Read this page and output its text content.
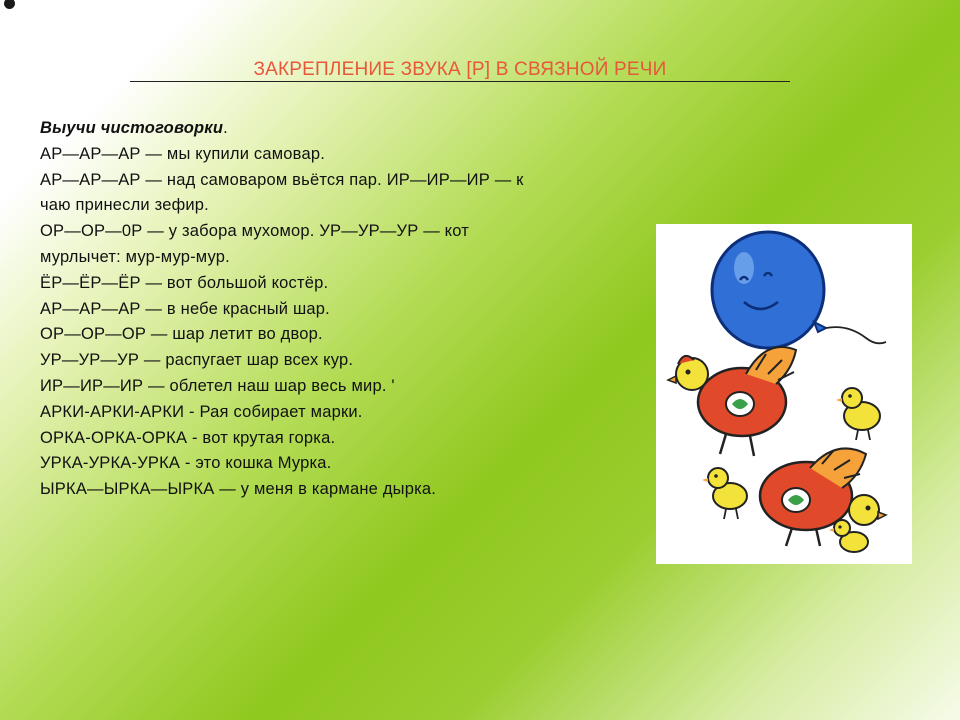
ЗАКРЕПЛЕНИЕ ЗВУКА [Р] В СВЯЗНОЙ РЕЧИ
Выучи чистоговорки.
АР—АР—АР — мы купили самовар.
АР—АР—АР — над самоваром вьётся пар. ИР—ИР—ИР — к
чаю принесли зефир.
ОР—ОР—0Р — у забора мухомор. УР—УР—УР — кот
мурлычет: мур-мур-мур.
ЁР—ЁР—ЁР — вот большой костёр.
АР—АР—АР — в небе красный шар.
ОР—ОР—ОР — шар летит во двор.
УР—УР—УР — распугает шар всех кур.
ИР—ИР—ИР — облетел наш шар весь мир. '
АРКИ-АРКИ-АРКИ - Рая собирает марки.
ОРКА-ОРКА-ОРКА - вот крутая горка.
УРКА-УРКА-УРКА - это кошка Мурка.
ЫРКА—ЫРКА—ЫРКА — у меня в кармане дырка.
